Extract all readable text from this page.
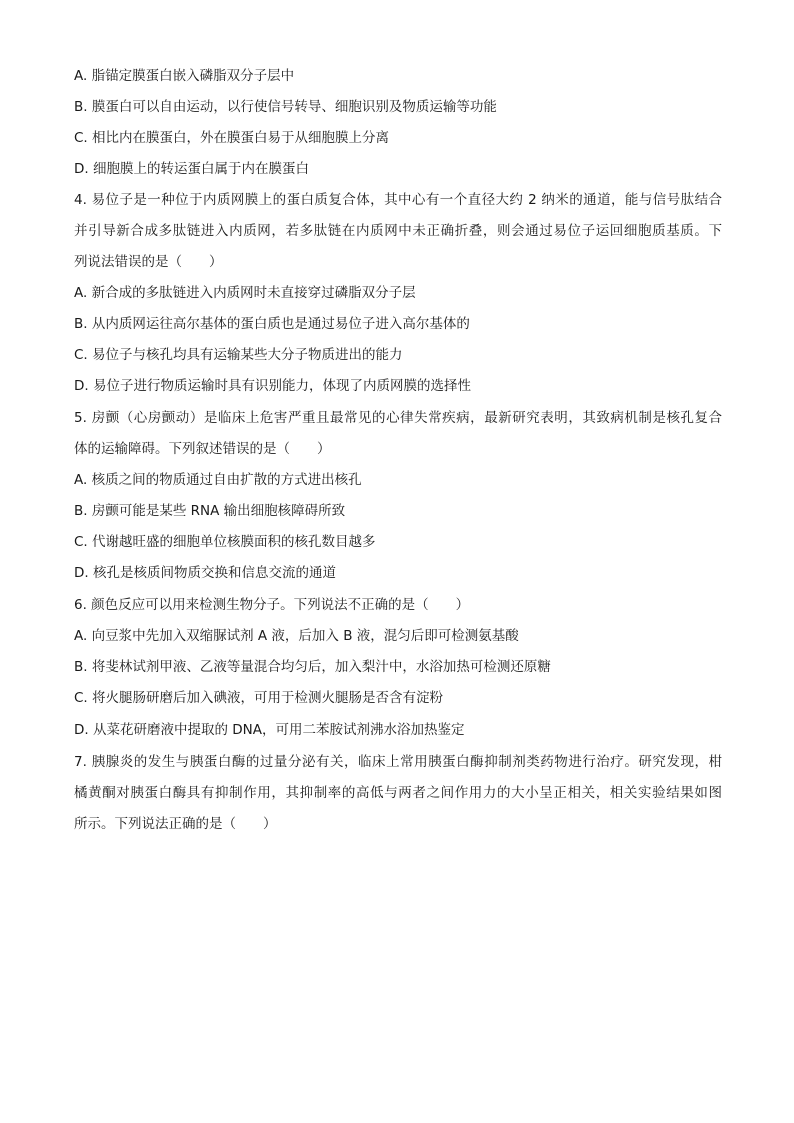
A. 脂锚定膜蛋白嵌入磷脂双分子层中
B. 膜蛋白可以自由运动，以行使信号转导、细胞识别及物质运输等功能
C. 相比内在膜蛋白，外在膜蛋白易于从细胞膜上分离
D. 细胞膜上的转运蛋白属于内在膜蛋白
4. 易位子是一种位于内质网膜上的蛋白质复合体，其中心有一个直径大约 2 纳米的通道，能与信号肽结合
并引导新合成多肽链进入内质网，若多肽链在内质网中未正确折叠，则会通过易位子运回细胞质基质。下
列说法错误的是（　　）
A. 新合成的多肽链进入内质网时未直接穿过磷脂双分子层
B. 从内质网运往高尔基体的蛋白质也是通过易位子进入高尔基体的
C. 易位子与核孔均具有运输某些大分子物质进出的能力
D. 易位子进行物质运输时具有识别能力，体现了内质网膜的选择性
5. 房颤（心房颤动）是临床上危害严重且最常见的心律失常疾病，最新研究表明，其致病机制是核孔复合
体的运输障碍。下列叙述错误的是（　　）
A. 核质之间的物质通过自由扩散的方式进出核孔
B. 房颤可能是某些 RNA 输出细胞核障碍所致
C. 代谢越旺盛的细胞单位核膜面积的核孔数目越多
D. 核孔是核质间物质交换和信息交流的通道
6. 颜色反应可以用来检测生物分子。下列说法不正确的是（　　）
A. 向豆浆中先加入双缩脲试剂 A 液，后加入 B 液，混匀后即可检测氨基酸
B. 将斐林试剂甲液、乙液等量混合均匀后，加入梨汁中，水浴加热可检测还原糖
C. 将火腿肠研磨后加入碘液，可用于检测火腿肠是否含有淀粉
D. 从菜花研磨液中提取的 DNA，可用二苯胺试剂沸水浴加热鉴定
7. 胰腺炎的发生与胰蛋白酶的过量分泌有关，临床上常用胰蛋白酶抑制剂类药物进行治疗。研究发现，柑
橘黄酮对胰蛋白酶具有抑制作用，其抑制率的高低与两者之间作用力的大小呈正相关，相关实验结果如图
所示。下列说法正确的是（　　）
